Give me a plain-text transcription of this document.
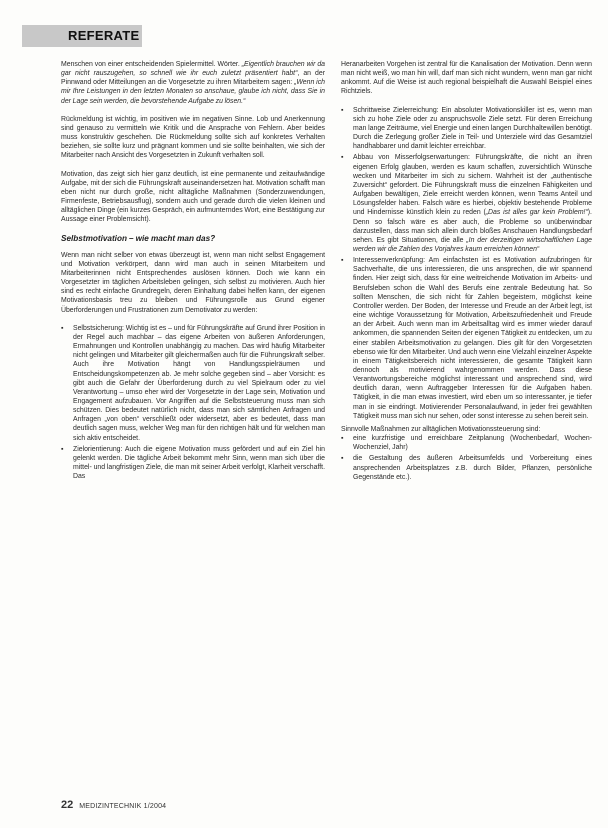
REFERATE

Menschen von einer entscheidenden Spielermittel. Wörter. „Eigentlich brauchen wir da gar nicht rauszugehen, so schnell wie ihr euch zuletzt präsentiert habt“, an der Pinnwand oder Mitteilungen an die Vorgesetzte zu ihren Mitarbeitern sagen: „Wenn ich mir Ihre Leistungen in den letzten Monaten so anschaue, glaube ich nicht, dass Sie in der Lage sein werden, die bevorstehende Aufgabe zu lösen.“

Rückmeldung ist wichtig, im positiven wie im negativen Sinne. Lob und Anerkennung sind genauso zu vermitteln wie Kritik und die Ansprache von Fehlern. Aber beides muss konstruktiv geschehen. Die Rückmeldung sollte sich auf konkretes Verhalten beziehen, sie sollte kurz und prägnant kommen und sie sollte beinhalten, wie sich der Mitarbeiter nach Ansicht des Vorgesetzten in Zukunft verhalten soll.

Motivation, das zeigt sich hier ganz deutlich, ist eine permanente und zeitaufwändige Aufgabe, mit der sich die Führungskraft auseinandersetzen hat. Motivation schafft man eben nicht nur durch große, nicht alltägliche Maßnahmen (Sonderzuwendungen, Firmenfeste, Betriebsausflug), sondern auch und gerade durch die vielen kleinen und alltäglichen Dinge (ein kurzes Gespräch, ein aufmunterndes Wort, eine Bestätigung zur Aussage einer Problemsicht).

Selbstmotivation – wie macht man das?

Wenn man nicht selber von etwas überzeugt ist, wenn man nicht selbst Engagement und Motivation verkörpert, dann wird man auch in seinen Mitarbeitern und Mitarbeiterinnen nicht Entsprechendes auslösen können. Doch wie kann ein Vorgesetzter im täglichen Arbeitsleben gelingen, sich selbst zu motivieren. Auch hier sind es recht einfache Grundregeln, deren Einhaltung dabei helfen kann, der eigenen Motivationsbasis treu zu bleiben und Führungsrolle aus Grund eigener Überforderungen und Frustrationen zum Demotivator zu werden:

▪ Selbstsicherung: Wichtig ist es – und für Führungskräfte auf Grund ihrer Position in der Regel auch machbar – das eigene Arbeiten von äußeren Anforderungen, Ermahnungen und Kontrollen unabhängig zu machen. Das wird häufig Mitarbeiter nicht gelingen und Mitarbeiter gilt gleichermaßen auch für die Führungskraft selber. Auch ihre Motivation hängt von Handlungsspielräumen und Entscheidungskompetenzen ab. Je mehr solche gegeben sind – aber Vorsicht: es gibt auch die Gefahr der Überforderung durch zu viel Spielraum oder zu viel Verantwortung – umso eher wird der Vorgesetzte in der Lage sein, Motivation und Engagement aufzubauen. Vor Angriffen auf die Selbststeuerung muss man sich schützen. Dies bedeutet natürlich nicht, dass man sich sämtlichen Anfragen und Anfragen „von oben“ verschließt oder widersetzt, aber es bedeutet, dass man deutlich sagen muss, welcher Weg man für den richtigen hält und für welchen man sich aktiv entscheidet.
▪ Zielorientierung: Auch die eigene Motivation muss gefördert und auf ein Ziel hin gelenkt werden. Die tägliche Arbeit bekommt mehr Sinn, wenn man sich über die mittel- und langfristigen Ziele, die man mit seiner Arbeit verfolgt, Klarheit verschafft. Das

Heranarbeiten Vorgehen ist zentral für die Kanalisation der Motivation. Denn wenn man nicht weiß, wo man hin will, darf man sich nicht wundern, wenn man gar nicht ankommt. Auf die Weise ist auch regional beispielhaft die Auswahl Beispiel eines Richtziels.

▪ Schrittweise Zielerreichung: Ein absoluter Motivationskiller ist es, wenn man sich zu hohe Ziele oder zu anspruchsvolle Ziele setzt. Für deren Erreichung man lange Zeiträume, viel Energie und einen langen Durchhaltewillen benötigt. Durch die Zerlegung großer Ziele in Teil- und Unterziele wird das Gesamtziel handhabbarer und damit leichter erreichbar.
▪ Abbau von Misserfolgserwartungen: Führungskräfte, die nicht an ihren eigenen Erfolg glauben, werden es kaum schaffen, zuversichtlich Wünsche wecken und Mitarbeiter im sich zu sichern. Wahrheit ist der „authentische Zuversicht“ gefordert. Die Führungskraft muss die einzelnen Fähigkeiten und Aufgaben bewältigen, Ziele erreicht werden können, wenn Teams Anteil und Lösungsfelder haben. Falsch wäre es hierbei, objektiv bestehende Probleme und Hindernisse künstlich klein zu reden („Das ist alles gar kein Problem!“). Denn so falsch wäre es aber auch, die Probleme so unüberwindbar darzustellen, dass man sich allein durch bloßes Anschauen Handlungsbedarf sehen. Es gibt Situationen, die alle „In der derzeitigen wirtschaftlichen Lage werden wir die Zahlen des Vorjahres kaum erreichen können“
▪ Interessenverknüpfung: Am einfachsten ist es Motivation aufzubringen für Sachverhalte, die uns interessieren, die uns ansprechen, die wir spannend finden. Hier zeigt sich, dass für eine weitreichende Motivation im Arbeits- und Berufsleben schon die Wahl des Berufs eine zentrale Bedeutung hat. So sollten Menschen, die sich nicht für Zahlen begeistern, möglichst keine Controller werden. Der Boden, der Interesse und Freude an der Arbeit legt, ist eine wichtige Voraussetzung für Motivation, Arbeitszufriedenheit und Freude an der Arbeit. Auch wenn man im Arbeitsalltag wird es immer wieder darauf ankommen, die spannenden Seiten der eigenen Tätigkeit zu entdecken, um zu einer stabilen Arbeitsmotivation zu gelangen. Dies gilt für den Vorgesetzten ebenso wie für den Mitarbeiter. Und auch wenn eine Vielzahl einzelner Aspekte in einem Tätigkeitsbereich nicht interessieren, die gesamte Tätigkeit kann dennoch als motivierend wahrgenommen werden. Dass diese Verantwortungsbereiche möglichst interessant und ansprechend sind, wird deutlich daran, wenn Auftraggeber Interessen für die Aufgaben haben. Tätigkeit, in die man etwas investiert, wird eben um so interessanter, je tiefer man in sie eindringt. Motivierender Personalaufwand, in jeder frei gewählten Tätigkeit muss man sich nur sehen, oder sonst interesse zu sehen bereit sein.

Sinnvolle Maßnahmen zur alltäglichen Motivationssteuerung sind:

▪ eine kurzfristige und erreichbare Zeitplanung (Wochenbedarf, Wochen-Wochenziel, Jahr)
▪ die Gestaltung des äußeren Arbeitsumfelds und Vorbereitung eines ansprechenden Arbeitsplatzes z.B. durch Bilder, Pflanzen, persönliche Gegenstände etc.).
22 MEDIZINTECHNIK 1/2004
